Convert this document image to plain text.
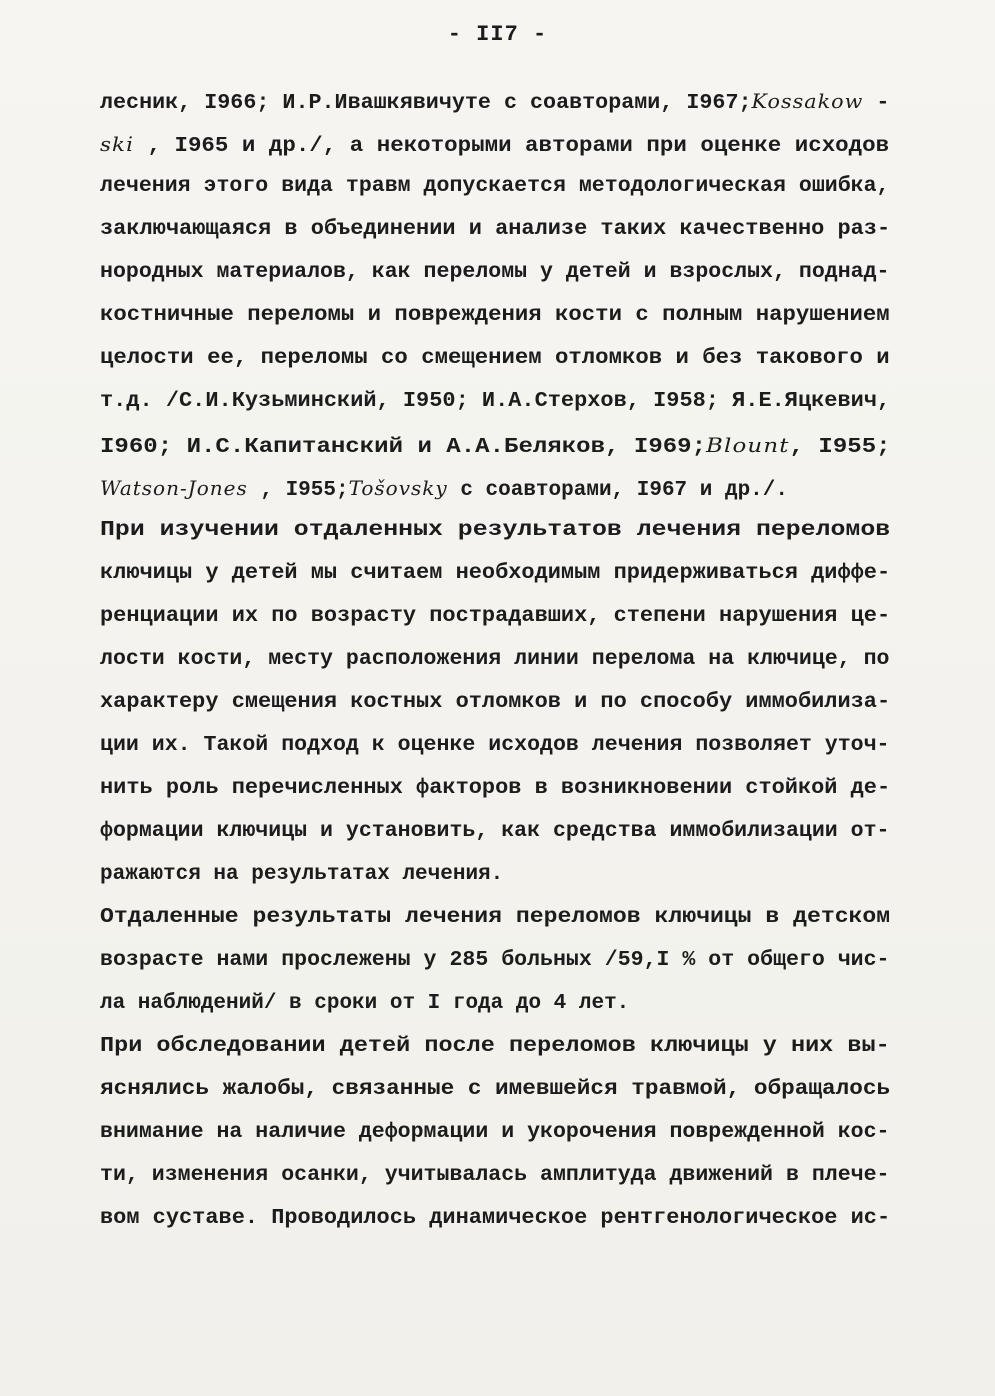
- II7 -
лесник, I966; И.Р.Ивашкявичуте с соавторами, I967;Kossakow -
ski , I965 и др./, а некоторыми авторами при оценке исходов
лечения этого вида травм допускается методологическая ошибка,
заключающаяся в объединении и анализе таких качественно раз-
нородных материалов, как переломы у детей и взрослых, поднад-
костничные переломы и повреждения кости с полным нарушением
целости ее, переломы со смещением отломков и без такового и
т.д. /С.И.Кузьминский, I950; И.А.Стерхов, I958; Я.Е.Яцкевич,
I960; И.С.Капитанский и А.А.Беляков, I969;Blount, I955;
Watson-Jones , I955;Tošovsky с соавторами, I967 и др./.
При изучении отдаленных результатов лечения переломов
ключицы у детей мы считаем необходимым придерживаться диффе-
ренциации их по возрасту пострадавших, степени нарушения це-
лости кости, месту расположения линии перелома на ключице, по
характеру смещения костных отломков и по способу иммобилиза-
ции их. Такой подход к оценке исходов лечения позволяет уточ-
нить роль перечисленных факторов в возникновении стойкой де-
формации ключицы и установить, как средства иммобилизации от-
ражаются на результатах лечения.
Отдаленные результаты лечения переломов ключицы в детском
возрасте нами прослежены у 285 больных /59,I % от общего чис-
ла наблюдений/ в сроки от I года до 4 лет.
При обследовании детей после переломов ключицы у них вы-
яснялись жалобы, связанные с имевшейся травмой, обращалось
внимание на наличие деформации и укорочения поврежденной кос-
ти, изменения осанки, учитывалась амплитуда движений в плече-
вом суставе. Проводилось динамическое рентгенологическое ис-
